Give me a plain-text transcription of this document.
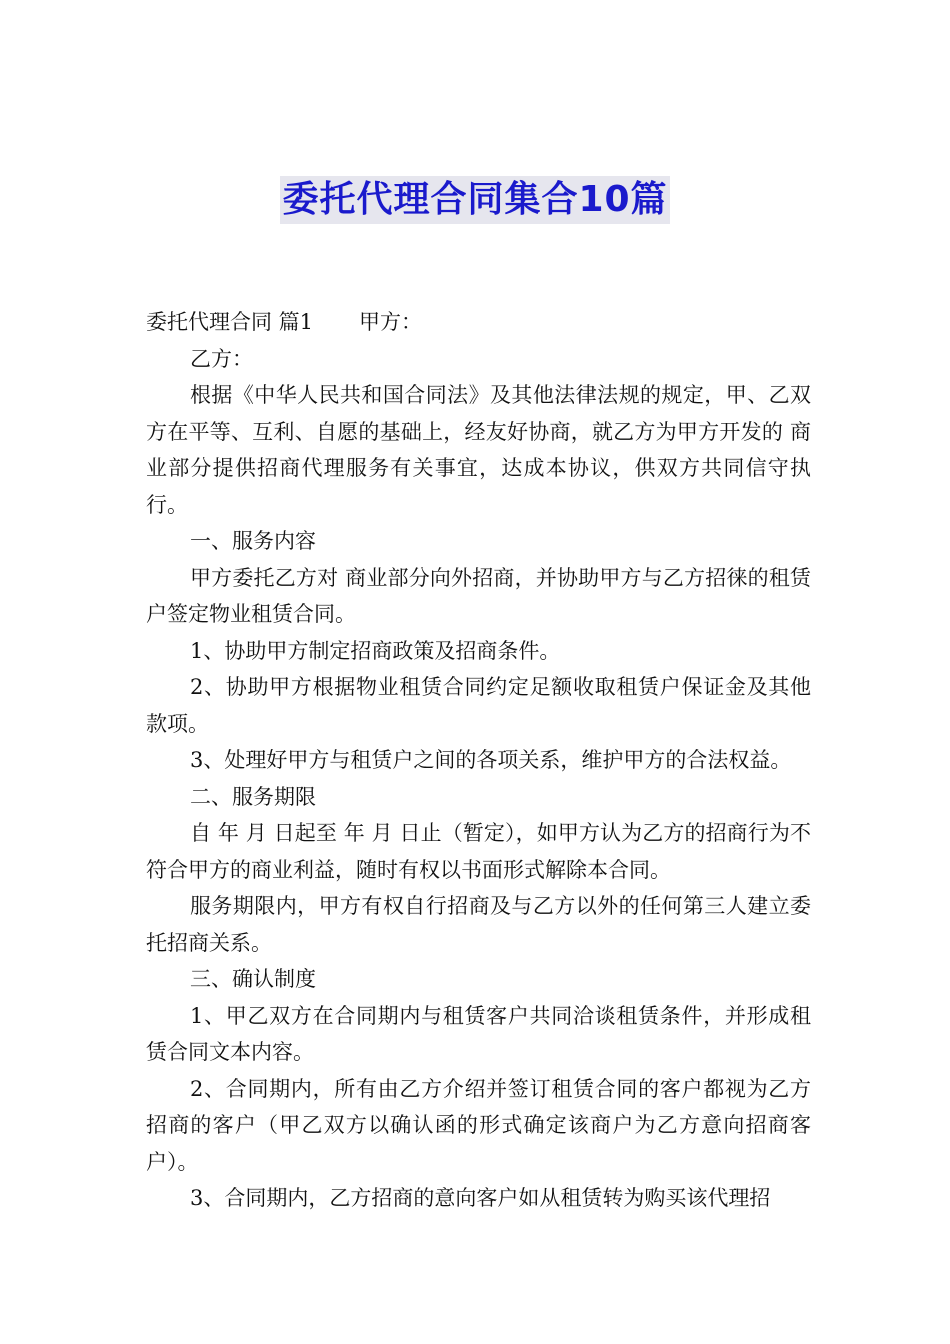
委托代理合同集合10篇

委托代理合同 篇1 甲方：

乙方：

根据《中华人民共和国合同法》及其他法律法规的规定，甲、乙双方在平等、互利、自愿的基础上，经友好协商，就乙方为甲方开发的 商业部分提供招商代理服务有关事宜，达成本协议，供双方共同信守执行。

一、服务内容

甲方委托乙方对 商业部分向外招商，并协助甲方与乙方招徕的租赁户签定物业租赁合同。

1、协助甲方制定招商政策及招商条件。

2、协助甲方根据物业租赁合同约定足额收取租赁户保证金及其他款项。

3、处理好甲方与租赁户之间的各项关系，维护甲方的合法权益。

二、服务期限

自 年 月 日起至 年 月 日止（暂定），如甲方认为乙方的招商行为不符合甲方的商业利益，随时有权以书面形式解除本合同。

服务期限内，甲方有权自行招商及与乙方以外的任何第三人建立委托招商关系。

三、确认制度

1、甲乙双方在合同期内与租赁客户共同洽谈租赁条件，并形成租赁合同文本内容。

2、合同期内，所有由乙方介绍并签订租赁合同的客户都视为乙方招商的客户（甲乙双方以确认函的形式确定该商户为乙方意向招商客户）。

3、合同期内，乙方招商的意向客户如从租赁转为购买该代理招
